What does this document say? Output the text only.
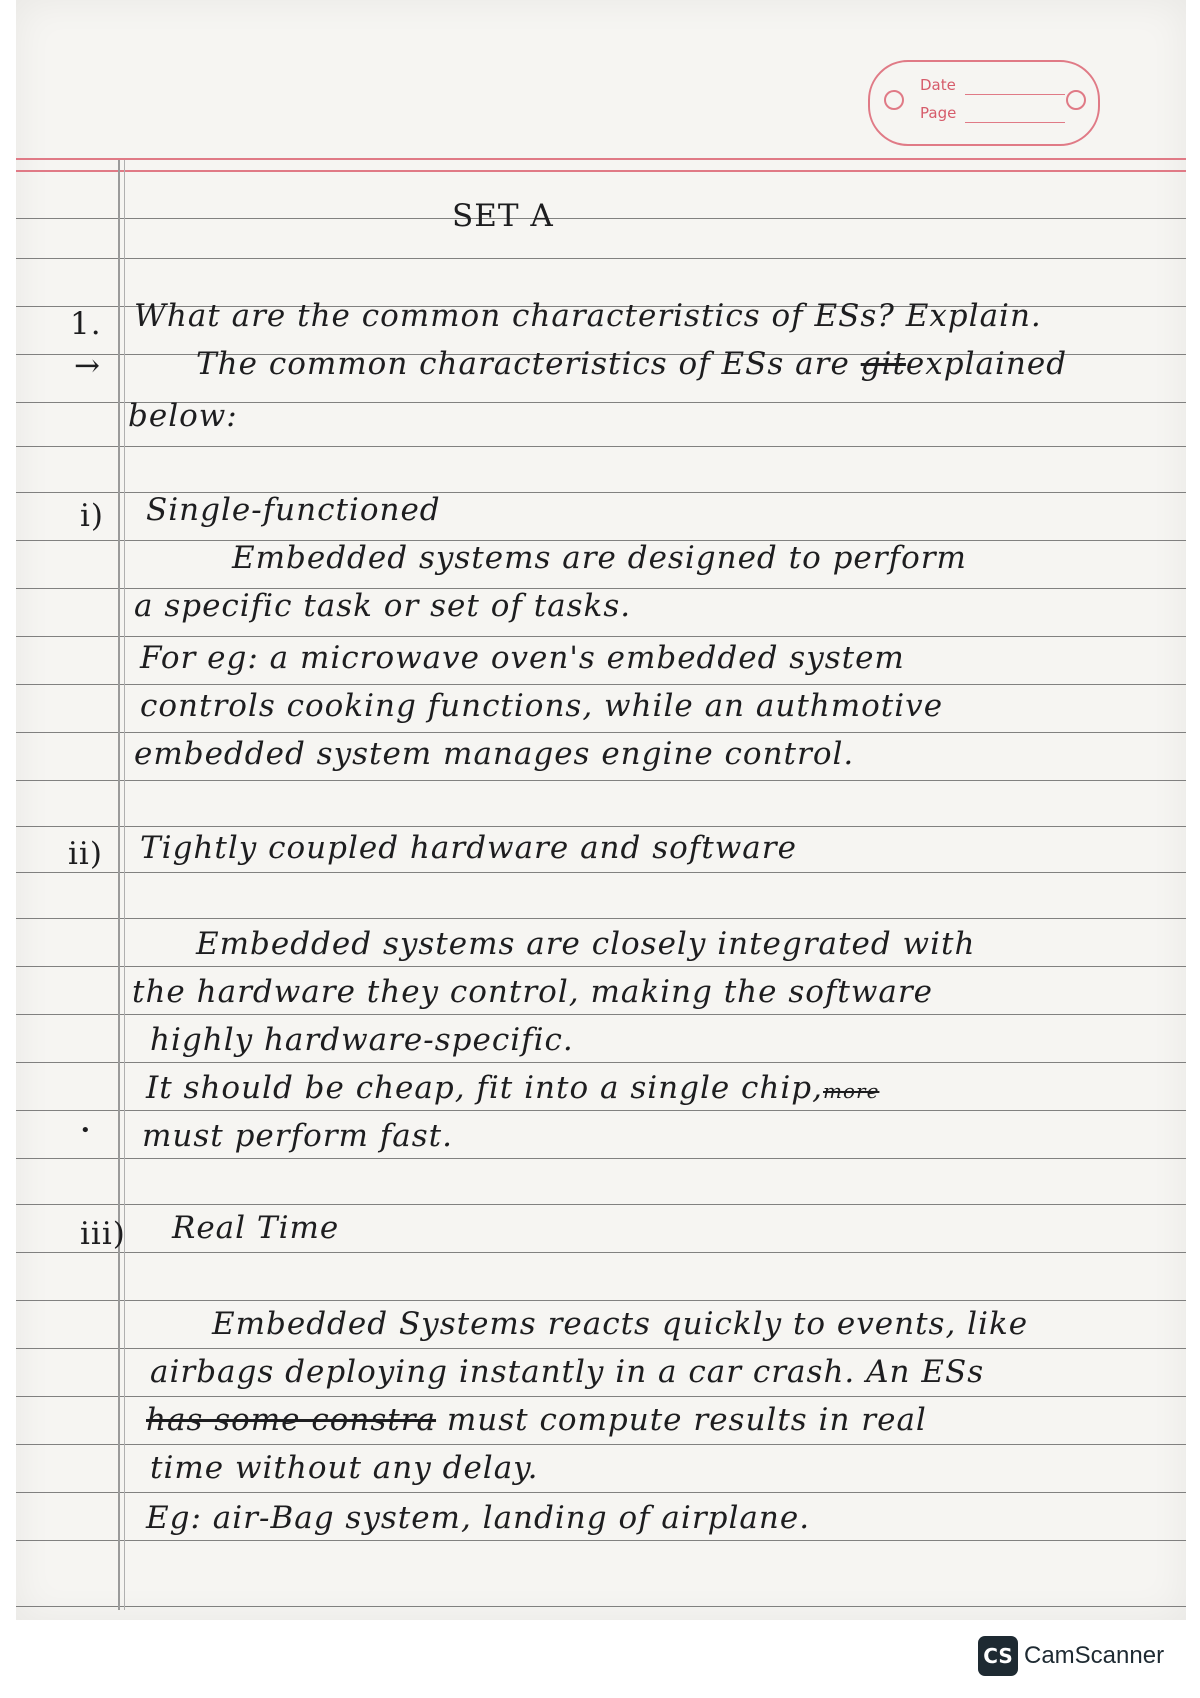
Date
Page
SET A
1. What are the common characteristics of ESs? Explain.
→	The common characteristics of ESs are gitexplained
below:
i) Single-functioned
Embedded systems are designed to perform
a specific task or set of tasks.
For eg: a microwave oven's embedded system
controls cooking functions, while an authmotive
embedded system manages engine control.
ii) Tightly coupled hardware and software
Embedded systems are closely integrated with
the hardware they control, making the software
highly hardware-specific.
It should be cheap, fit into a single chip,more
• must perform fast.
iii) Real Time
Embedded Systems reacts quickly to events, like
airbags deploying instantly in a car crash. An ESs
has some constra must compute results in real
time without any delay.
Eg: air-Bag system, landing of airplane.
CS CamScanner
